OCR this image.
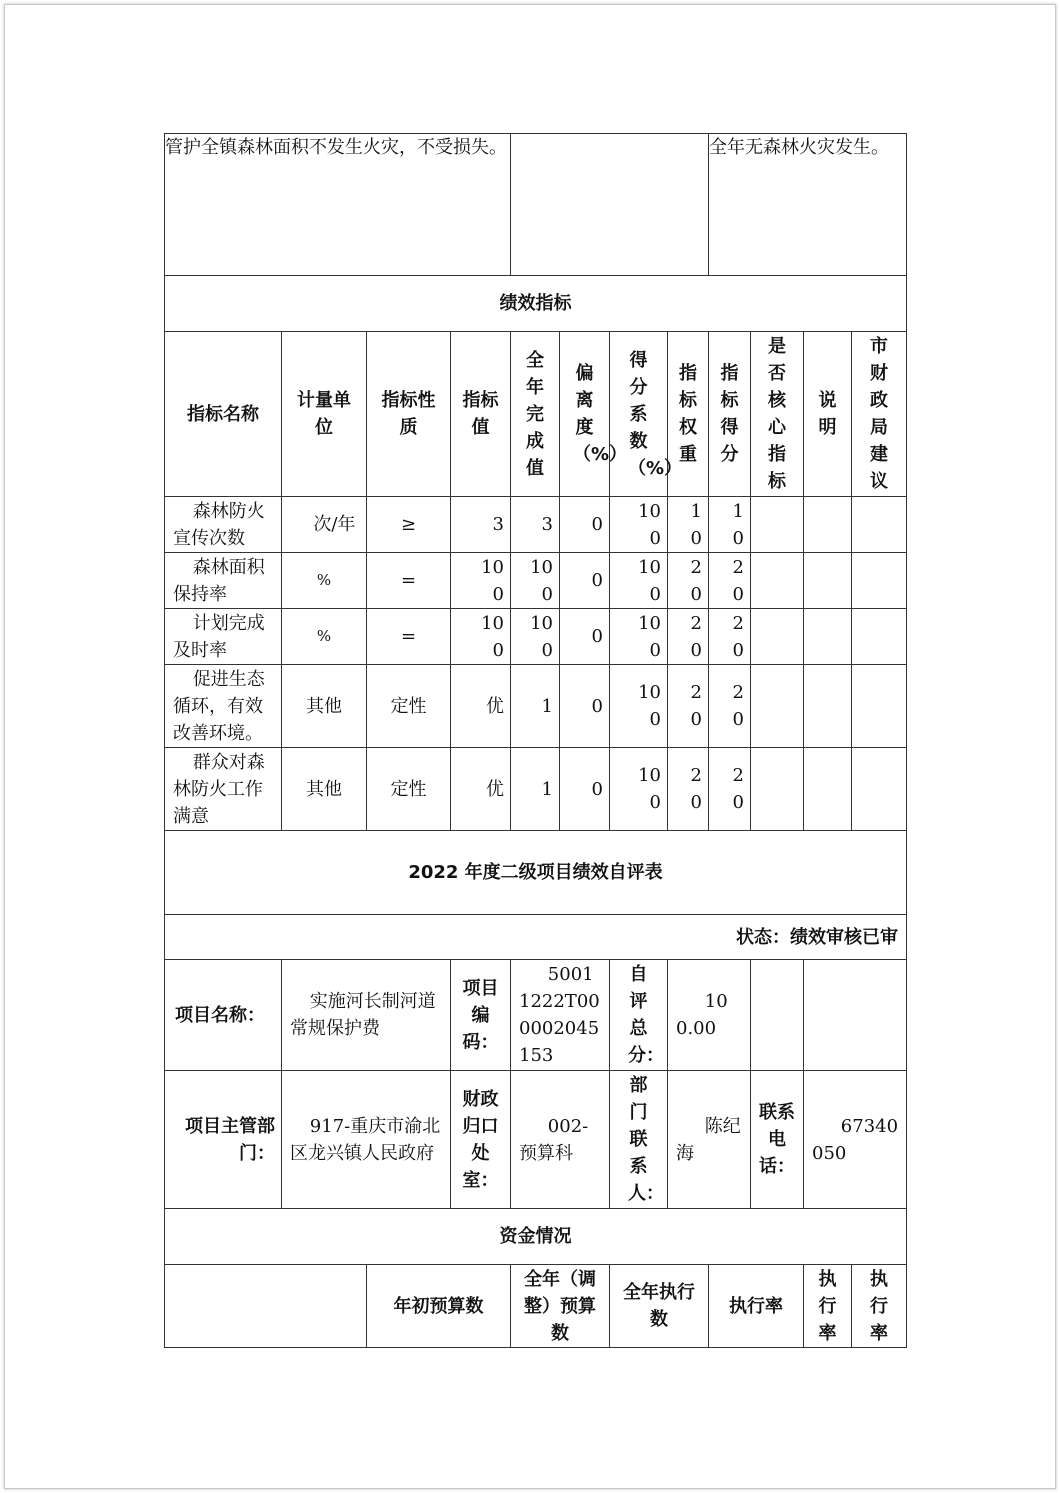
管护全镇森林面积不发生火灾，不受损失。								全年无森林火灾发生。			
绩效指标											
指标名称	计量单位	指标性质	指标值	全年完成值	偏离度（%）	得分系数（%）	指标权重	指标得分	是否核心指标	说明	市财政局建议
森林防火宣传次数	次/年	≥	3	3	0	100	10	10			
森林面积保持率	%	=	100	100	0	100	20	20			
计划完成及时率	%	=	100	100	0	100	20	20			
促进生态循环，有效改善环境。	其他	定性	优	1	0	100	20	20			
群众对森林防火工作满意	其他	定性	优	1	0	100	20	20			
2022 年度二级项目绩效自评表											
状态：绩效审核已审											
项目名称：	实施河长制河道常规保护费		项目编码：	50011222T000002045153		自评总分：	100.00				
项目主管部门：	917-重庆市渝北区龙兴镇人民政府		财政归口处室：	002-预算科		部门联系人：	陈纪海		联系电话：	67340050	
资金情况											
		年初预算数		全年（调整）预算数		全年执行数		执行率		执行率	执行率
